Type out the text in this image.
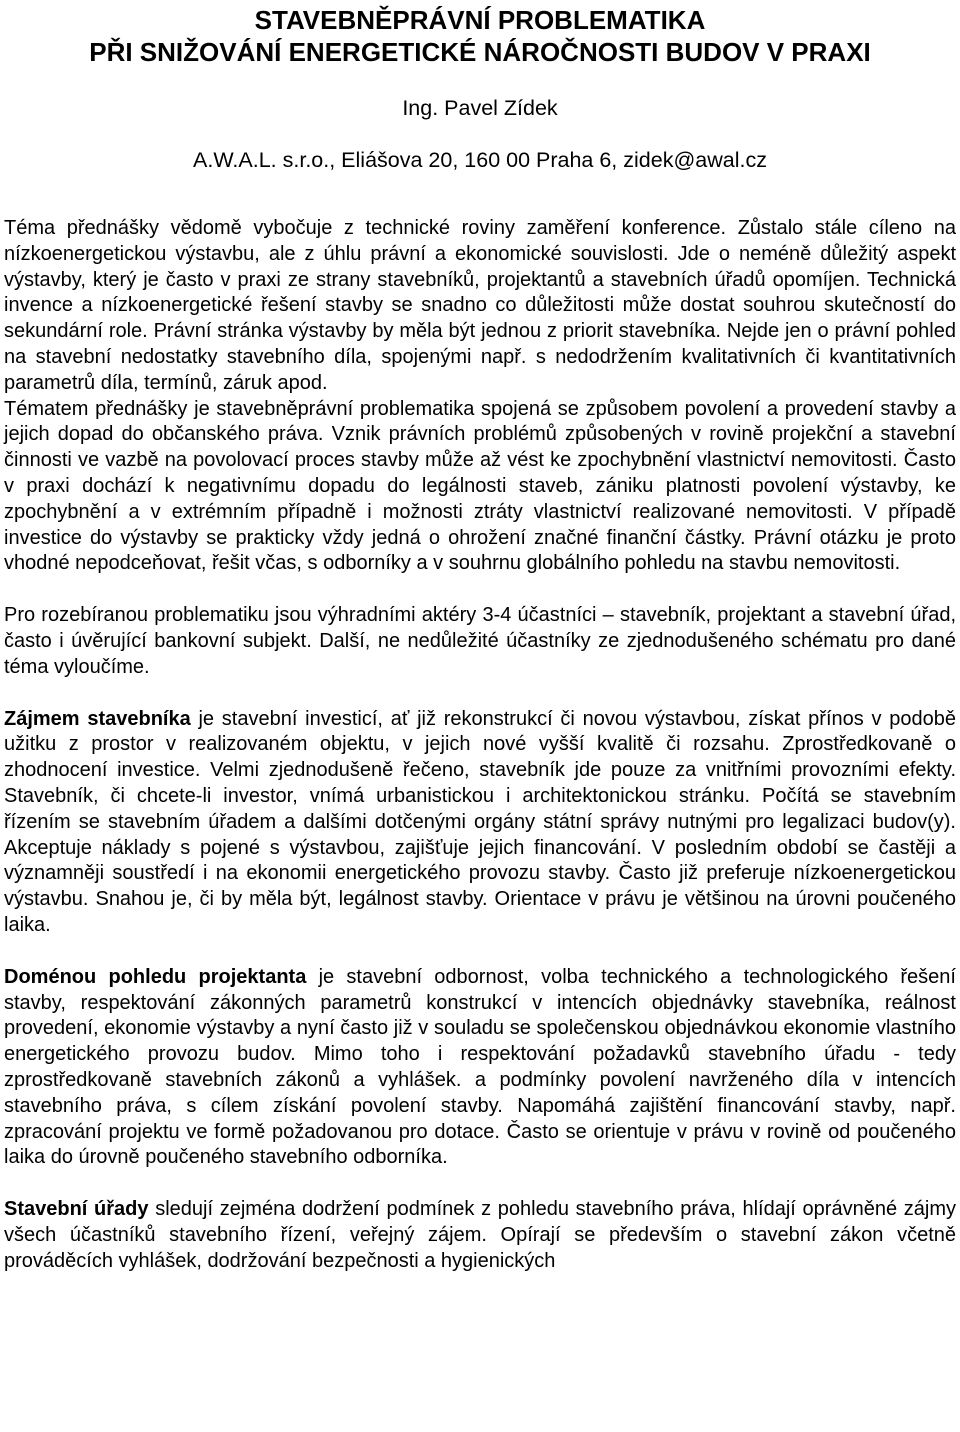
STAVEBNĚPRÁVNÍ PROBLEMATIKA
PŘI SNIŽOVÁNÍ ENERGETICKÉ NÁROČNOSTI BUDOV V PRAXI
Ing. Pavel Zídek
A.W.A.L. s.r.o., Eliášova 20, 160 00 Praha 6, zidek@awal.cz

Téma přednášky vědomě vybočuje z technické roviny zaměření konference. Zůstalo stále cíleno na nízkoenergetickou výstavbu, ale z úhlu právní a ekonomické souvislosti. Jde o neméně důležitý aspekt výstavby, který je často v praxi ze strany stavebníků, projektantů a stavebních úřadů opomíjen. Technická invence a nízkoenergetické řešení stavby se snadno co důležitosti může dostat souhrou skutečností do sekundární role. Právní stránka výstavby by měla být jednou z priorit stavebníka. Nejde jen o právní pohled na stavební nedostatky stavebního díla, spojenými např. s nedodržením kvalitativních či kvantitativních parametrů díla, termínů, záruk apod.

Tématem přednášky je stavebněprávní problematika spojená se způsobem povolení a provedení stavby a jejich dopad do občanského práva. Vznik právních problémů způsobených v rovině projekční a stavební činnosti ve vazbě na povolovací proces stavby může až vést ke zpochybnění vlastnictví nemovitosti. Často v praxi dochází k negativnímu dopadu do legálnosti staveb, zániku platnosti povolení výstavby, ke zpochybnění a v extrémním případně i možnosti ztráty vlastnictví realizované nemovitosti. V případě investice do výstavby se prakticky vždy jedná o ohrožení značné finanční částky. Právní otázku je proto vhodné nepodceňovat, řešit včas, s odborníky a v souhrnu globálního pohledu na stavbu nemovitosti.

Pro rozebíranou problematiku jsou výhradními aktéry 3-4 účastníci – stavebník, projektant a stavební úřad, často i úvěrující bankovní subjekt. Další, ne nedůležité účastníky ze zjednodušeného schématu pro dané téma vyloučíme.

Zájmem stavebníka je stavební investicí, ať již rekonstrukcí či novou výstavbou, získat přínos v podobě užitku z prostor v realizovaném objektu, v jejich nové vyšší kvalitě či rozsahu. Zprostředkovaně o zhodnocení investice. Velmi zjednodušeně řečeno, stavebník jde pouze za vnitřními provozními efekty. Stavebník, či chcete-li investor, vnímá urbanistickou i architektonickou stránku. Počítá se stavebním řízením se stavebním úřadem a dalšími dotčenými orgány státní správy nutnými pro legalizaci budov(y). Akceptuje náklady s pojené s výstavbou, zajišťuje jejich financování. V posledním období se častěji a významněji soustředí i na ekonomii energetického provozu stavby. Často již preferuje nízkoenergetickou výstavbu. Snahou je, či by měla být, legálnost stavby. Orientace v právu je většinou na úrovni poučeného laika.

Doménou pohledu projektanta je stavební odbornost, volba technického a technologického řešení stavby, respektování zákonných parametrů konstrukcí v intencích objednávky stavebníka, reálnost provedení, ekonomie výstavby a nyní často již v souladu se společenskou objednávkou ekonomie vlastního energetického provozu budov. Mimo toho i respektování požadavků stavebního úřadu - tedy zprostředkovaně stavebních zákonů a vyhlášek. a podmínky povolení navrženého díla v intencích stavebního práva, s cílem získání povolení stavby. Napomáhá zajištění financování stavby, např. zpracování projektu ve formě požadovanou pro dotace. Často se orientuje v právu v rovině od poučeného laika do úrovně poučeného stavebního odborníka.

Stavební úřady sledují zejména dodržení podmínek z pohledu stavebního práva, hlídají oprávněné zájmy všech účastníků stavebního řízení, veřejný zájem. Opírají se především o stavební zákon včetně prováděcích vyhlášek, dodržování bezpečnosti a hygienických
